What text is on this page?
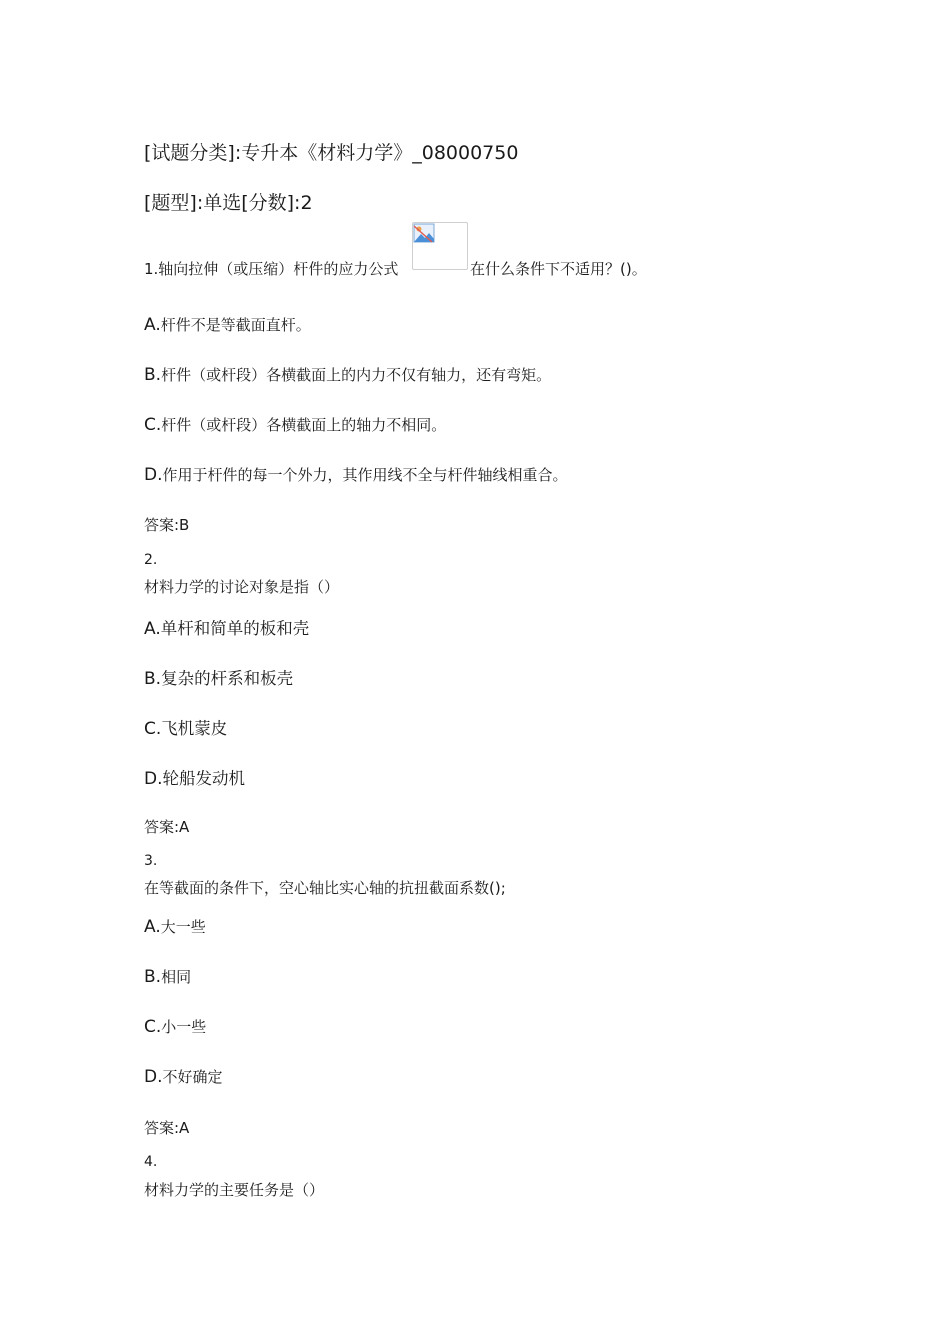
[试题分类]:专升本《材料力学》_08000750
[题型]:单选[分数]:2
1.轴向拉伸（或压缩）杆件的应力公式	在什么条件下不适用？()。
A.杆件不是等截面直杆。
B.杆件（或杆段）各横截面上的内力不仅有轴力，还有弯矩。
C.杆件（或杆段）各横截面上的轴力不相同。
D.作用于杆件的每一个外力，其作用线不全与杆件轴线相重合。
答案:B
2.
材料力学的讨论对象是指（）
A.单杆和简单的板和壳
B.复杂的杆系和板壳
C.飞机蒙皮
D.轮船发动机
答案:A
3.
在等截面的条件下，空心轴比实心轴的抗扭截面系数();
A.大一些
B.相同
C.小一些
D.不好确定
答案:A
4.
材料力学的主要任务是（）
